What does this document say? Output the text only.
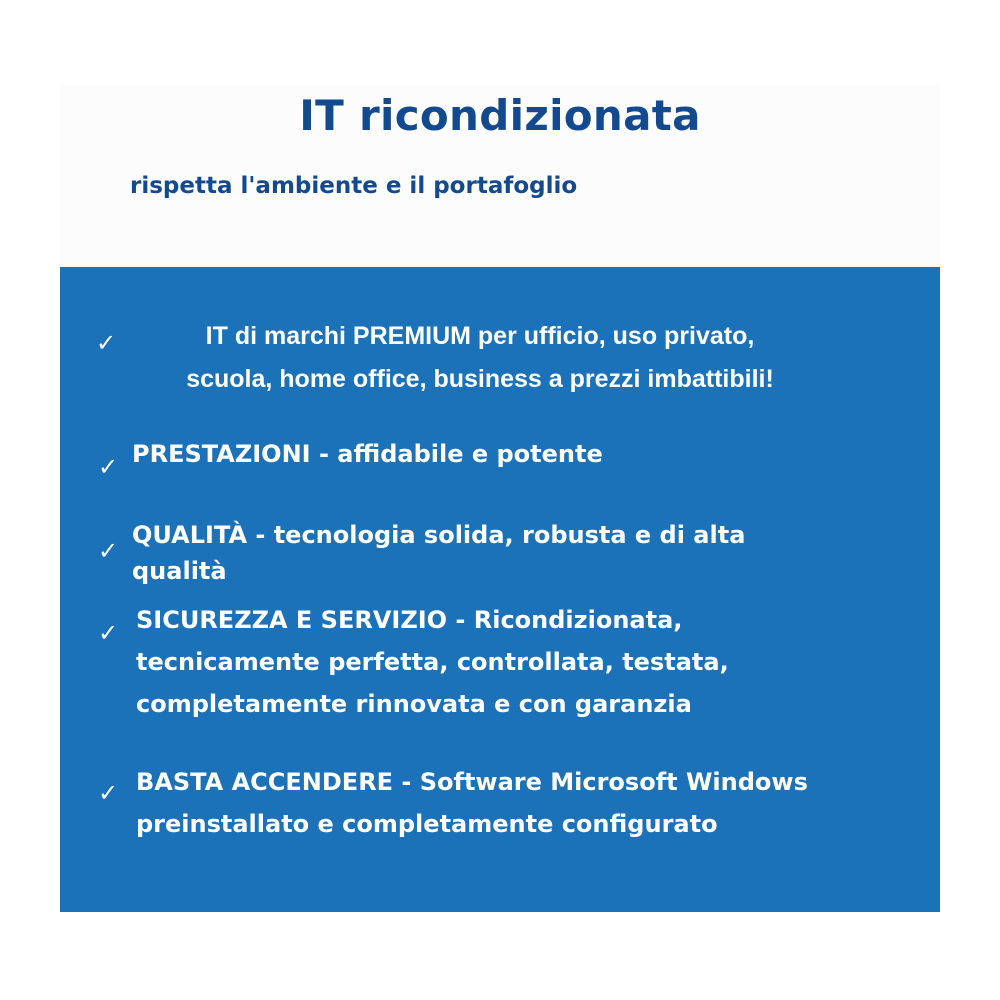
IT ricondizionata
rispetta l'ambiente e il portafoglio
✓	IT di marchi PREMIUM per ufficio, uso privato,
scuola, home office, business a prezzi imbattibili!
✓ PRESTAZIONI - affidabile e potente
✓
QUALITÀ - tecnologia solida, robusta e di alta
qualità
✓ SICUREZZA E SERVIZIO - Ricondizionata,
tecnicamente perfetta, controllata, testata,
completamente rinnovata e con garanzia
✓ BASTA ACCENDERE - Software Microsoft Windows
preinstallato e completamente configurato
